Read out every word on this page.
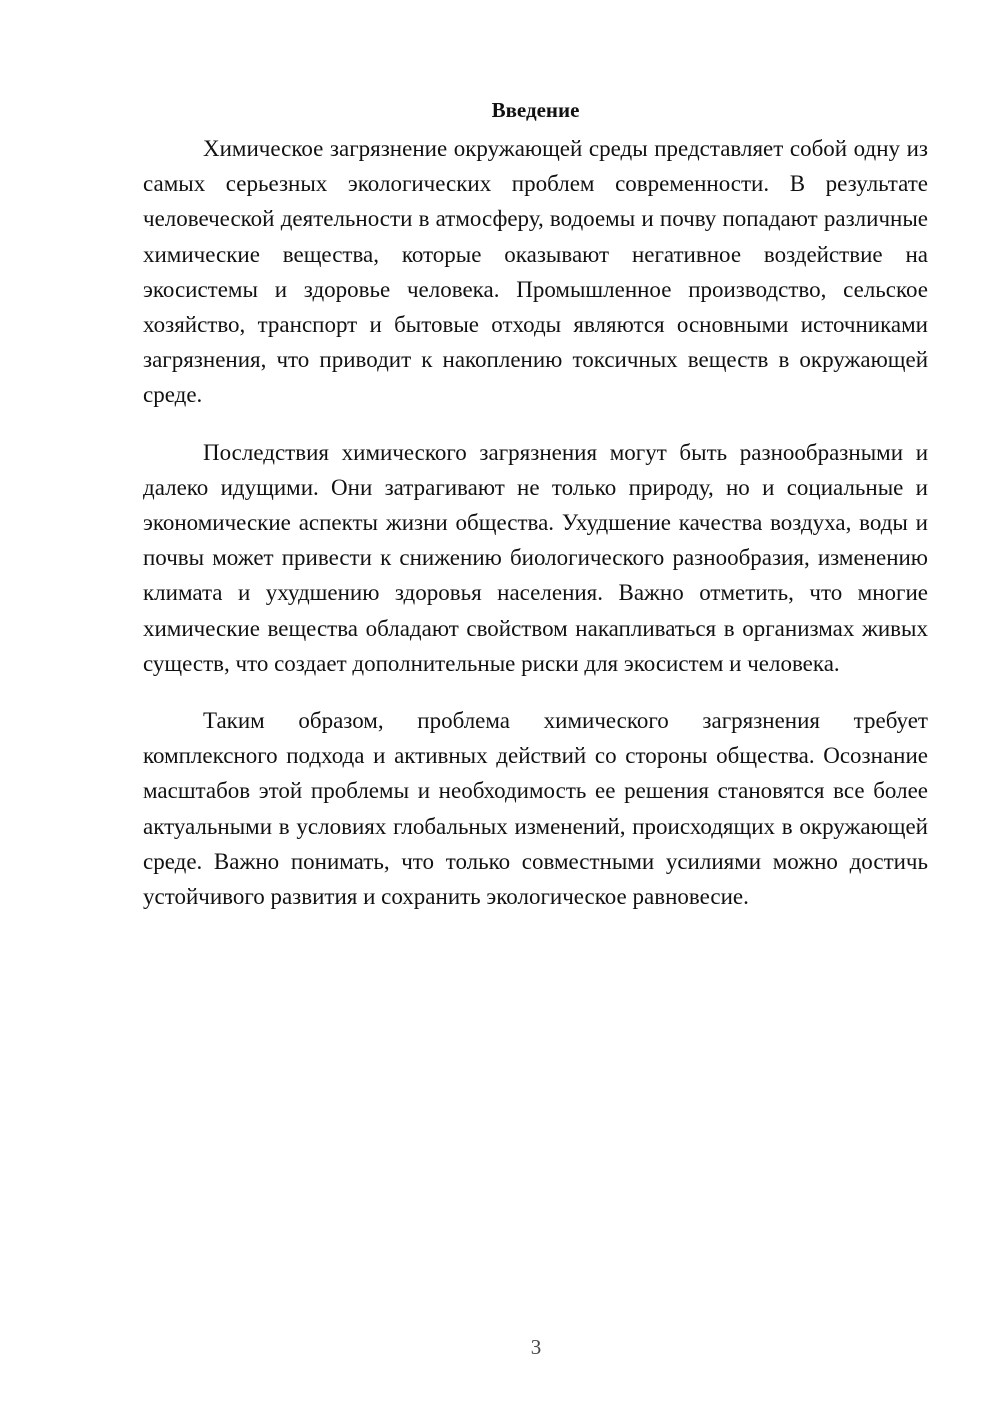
Введение

Химическое загрязнение окружающей среды представляет собой одну из самых серьезных экологических проблем современности. В результате человеческой деятельности в атмосферу, водоемы и почву попадают различные химические вещества, которые оказывают негативное воздействие на экосистемы и здоровье человека. Промышленное производство, сельское хозяйство, транспорт и бытовые отходы являются основными источниками загрязнения, что приводит к накоплению токсичных веществ в окружающей среде.

Последствия химического загрязнения могут быть разнообразными и далеко идущими. Они затрагивают не только природу, но и социальные и экономические аспекты жизни общества. Ухудшение качества воздуха, воды и почвы может привести к снижению биологического разнообразия, изменению климата и ухудшению здоровья населения. Важно отметить, что многие химические вещества обладают свойством накапливаться в организмах живых существ, что создает дополнительные риски для экосистем и человека.

Таким образом, проблема химического загрязнения требует комплексного подхода и активных действий со стороны общества. Осознание масштабов этой проблемы и необходимость ее решения становятся все более актуальными в условиях глобальных изменений, происходящих в окружающей среде. Важно понимать, что только совместными усилиями можно достичь устойчивого развития и сохранить экологическое равновесие.

3
